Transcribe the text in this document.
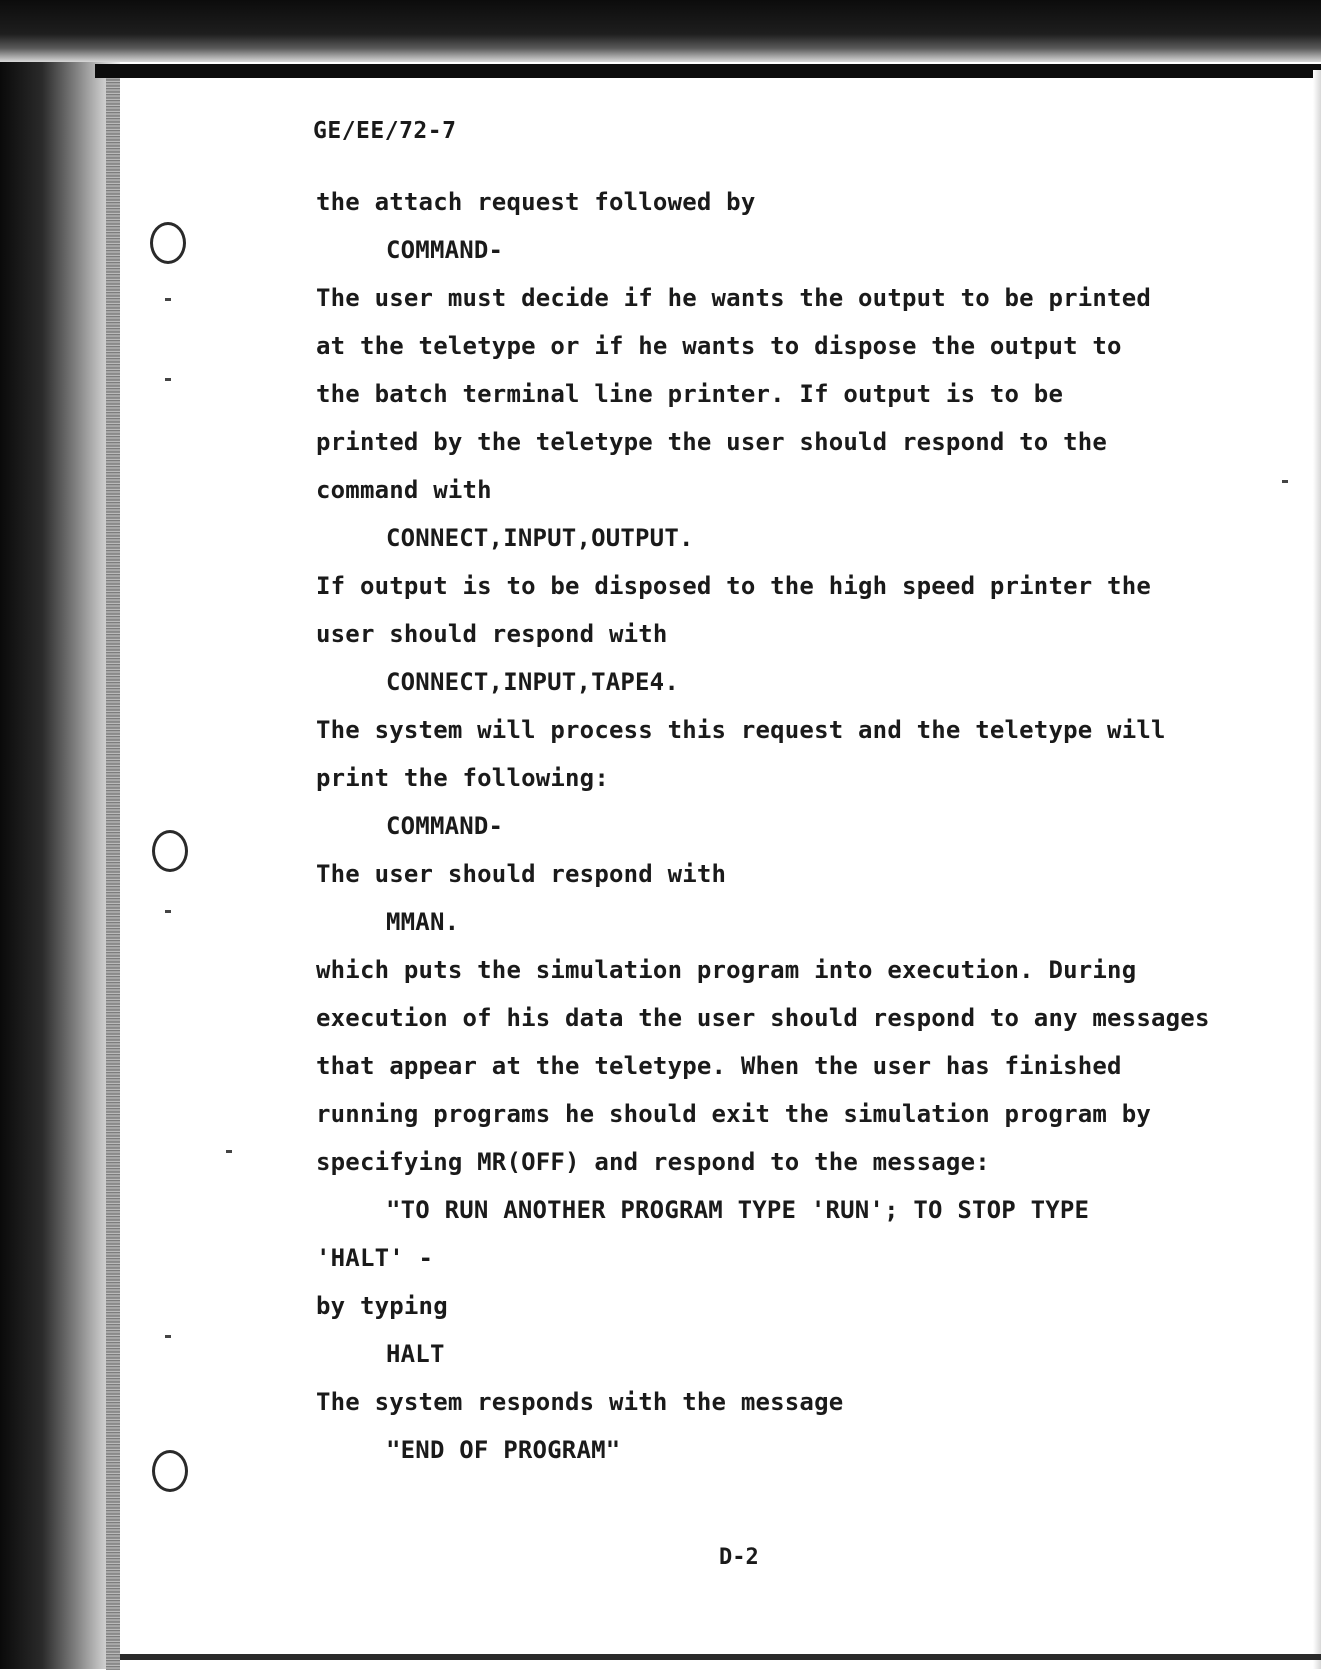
GE/EE/72-7
the attach request followed by
COMMAND-
The user must decide if he wants the output to be printed
at the teletype or if he wants to dispose the output to
the batch terminal line printer. If output is to be
printed by the teletype the user should respond to the
command with
CONNECT,INPUT,OUTPUT.
If output is to be disposed to the high speed printer the
user should respond with
CONNECT,INPUT,TAPE4.
The system will process this request and the teletype will
print the following:
COMMAND-
The user should respond with
MMAN.
which puts the simulation program into execution. During
execution of his data the user should respond to any messages
that appear at the teletype. When the user has finished
running programs he should exit the simulation program by
specifying MR(OFF) and respond to the message:
"TO RUN ANOTHER PROGRAM TYPE 'RUN'; TO STOP TYPE
'HALT' -
by typing
HALT
The system responds with the message
"END OF PROGRAM"
D-2
